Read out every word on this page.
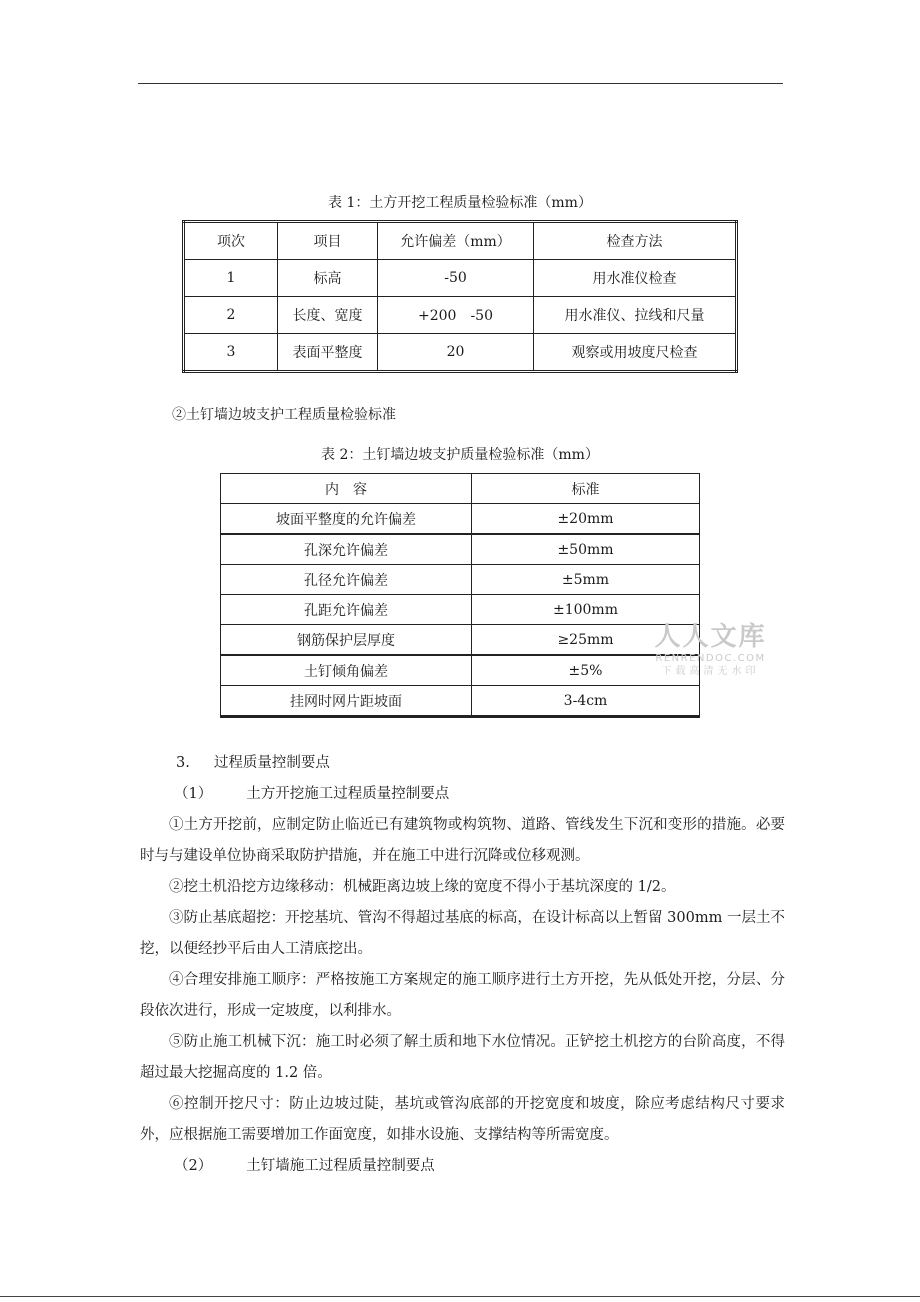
表 1：土方开挖工程质量检验标准（mm）
项次	项目	允许偏差（mm）	检查方法
1	标高	-50	用水准仪检查
2	长度、宽度	+200　-50	用水准仪、拉线和尺量
3	表面平整度	20	观察或用坡度尺检查
②土钉墙边坡支护工程质量检验标准
表 2：土钉墙边坡支护质量检验标准（mm）
内　容	标准
坡面平整度的允许偏差	±20mm
孔深允许偏差	±50mm
孔径允许偏差	±5mm
孔距允许偏差	±100mm
钢筋保护层厚度	≥25mm
土钉倾角偏差	±5%
挂网时网片距坡面	3-4cm
人人文库
RENRENDOC.COM
下载高清无水印

3. 过程质量控制要点

（1） 土方开挖施工过程质量控制要点

①土方开挖前，应制定防止临近已有建筑物或构筑物、道路、管线发生下沉和变形的措施。必要时与与建设单位协商采取防护措施，并在施工中进行沉降或位移观测。

②挖土机沿挖方边缘移动：机械距离边坡上缘的宽度不得小于基坑深度的 1/2。

③防止基底超挖：开挖基坑、管沟不得超过基底的标高，在设计标高以上暂留 300mm 一层土不挖，以便经抄平后由人工清底挖出。

④合理安排施工顺序：严格按施工方案规定的施工顺序进行土方开挖，先从低处开挖，分层、分段依次进行，形成一定坡度，以利排水。

⑤防止施工机械下沉：施工时必须了解土质和地下水位情况。正铲挖土机挖方的台阶高度，不得超过最大挖掘高度的 1.2 倍。

⑥控制开挖尺寸：防止边坡过陡，基坑或管沟底部的开挖宽度和坡度，除应考虑结构尺寸要求外，应根据施工需要增加工作面宽度，如排水设施、支撑结构等所需宽度。

（2） 土钉墙施工过程质量控制要点
